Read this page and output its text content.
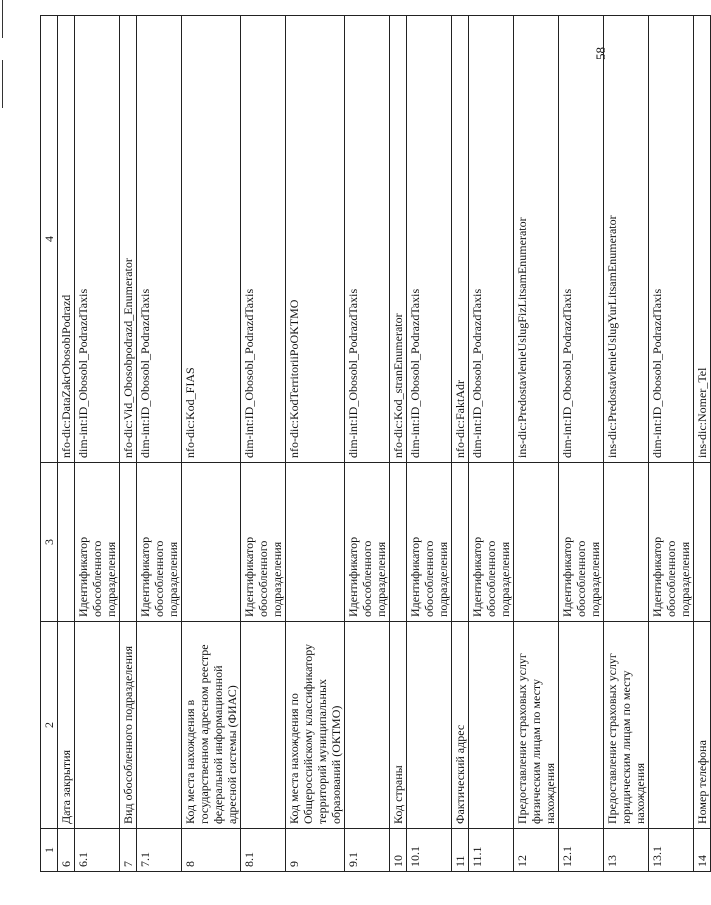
58
1	2	3	4
6	Дата закрытия		nfo-dic:DataZakrObosoblPodrazd
6.1		Идентификатор обособленного подразделения	dim-int:ID_Obosobl_PodrazdTaxis
7	Вид обособленного подразделения		nfo-dic:Vid_Obosobpodrazd_Enumerator
7.1		Идентификатор обособленного подразделения	dim-int:ID_Obosobl_PodrazdTaxis
8	Код места нахождения в государственном адресном реестре федеральной информационной адресной системы (ФИАС)		nfo-dic:Kod_FIAS
8.1		Идентификатор обособленного подразделения	dim-int:ID_Obosobl_PodrazdTaxis
9	Код места нахождения по Общероссийскому классификатору территорий муниципальных образований (ОКТМО)		nfo-dic:KodTerritoriiPoOKTMO
9.1		Идентификатор обособленного подразделения	dim-int:ID_Obosobl_PodrazdTaxis
10	Код страны		nfo-dic:Kod_stranEnumerator
10.1		Идентификатор обособленного подразделения	dim-int:ID_Obosobl_PodrazdTaxis
11	Фактический адрес		nfo-dic:FaktAdr
11.1		Идентификатор обособленного подразделения	dim-int:ID_Obosobl_PodrazdTaxis
12	Предоставление страховых услуг физическим лицам по месту нахождения		ins-dic:PredostavlenieUslugFizLitsamEnumerator
12.1		Идентификатор обособленного подразделения	dim-int:ID_Obosobl_PodrazdTaxis
13	Предоставление страховых услуг юридическим лицам по месту нахождения		ins-dic:PredostavlenieUslugYurLitsamEnumerator
13.1		Идентификатор обособленного подразделения	dim-int:ID_Obosobl_PodrazdTaxis
14	Номер телефона		ins-dic:Nomer_Tel
